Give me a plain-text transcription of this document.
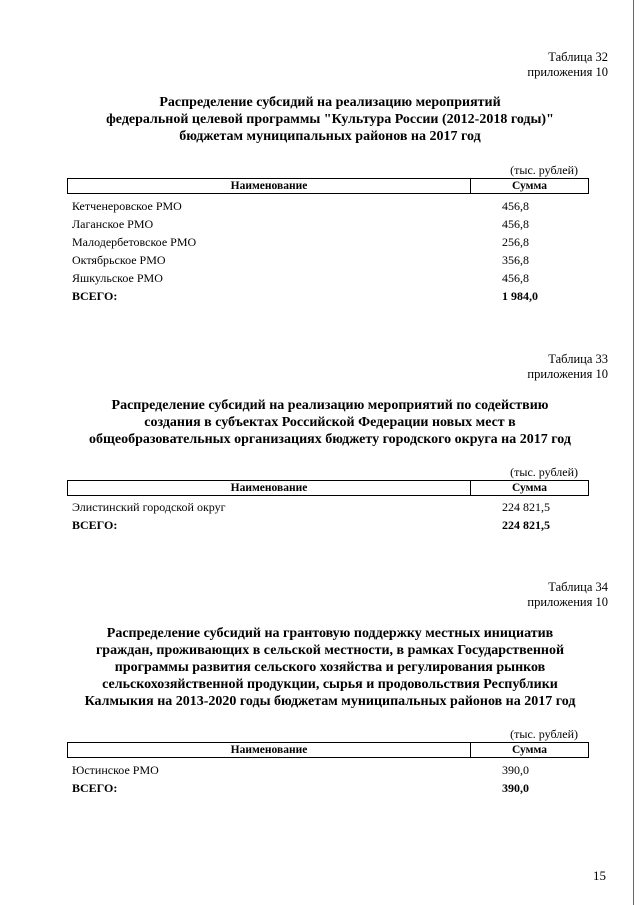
Таблица 32
приложения 10
Распределение субсидий на реализацию мероприятий
федеральной целевой программы "Культура России (2012-2018 годы)"
бюджетам муниципальных районов на 2017 год
(тыс. рублей)
Наименование	Сумма
Кетченеровское РМО	456,8
Лаганское РМО	456,8
Малодербетовское РМО	256,8
Октябрьское РМО	356,8
Яшкульское РМО	456,8
ВСЕГО:	1 984,0
Таблица 33
приложения 10
Распределение субсидий на реализацию мероприятий по содействию
создания в субъектах Российской Федерации новых мест в
общеобразовательных организациях бюджету городского округа на 2017 год
(тыс. рублей)
Наименование	Сумма
Элистинский городской округ	224 821,5
ВСЕГО:	224 821,5
Таблица 34
приложения 10
Распределение субсидий на грантовую поддержку местных инициатив
граждан, проживающих в сельской местности, в рамках Государственной
программы развития сельского хозяйства и регулирования рынков
сельскохозяйственной продукции, сырья и продовольствия Республики
Калмыкия на 2013-2020 годы бюджетам муниципальных районов на 2017 год
(тыс. рублей)
Наименование	Сумма
Юстинское РМО	390,0
ВСЕГО:	390,0
15
